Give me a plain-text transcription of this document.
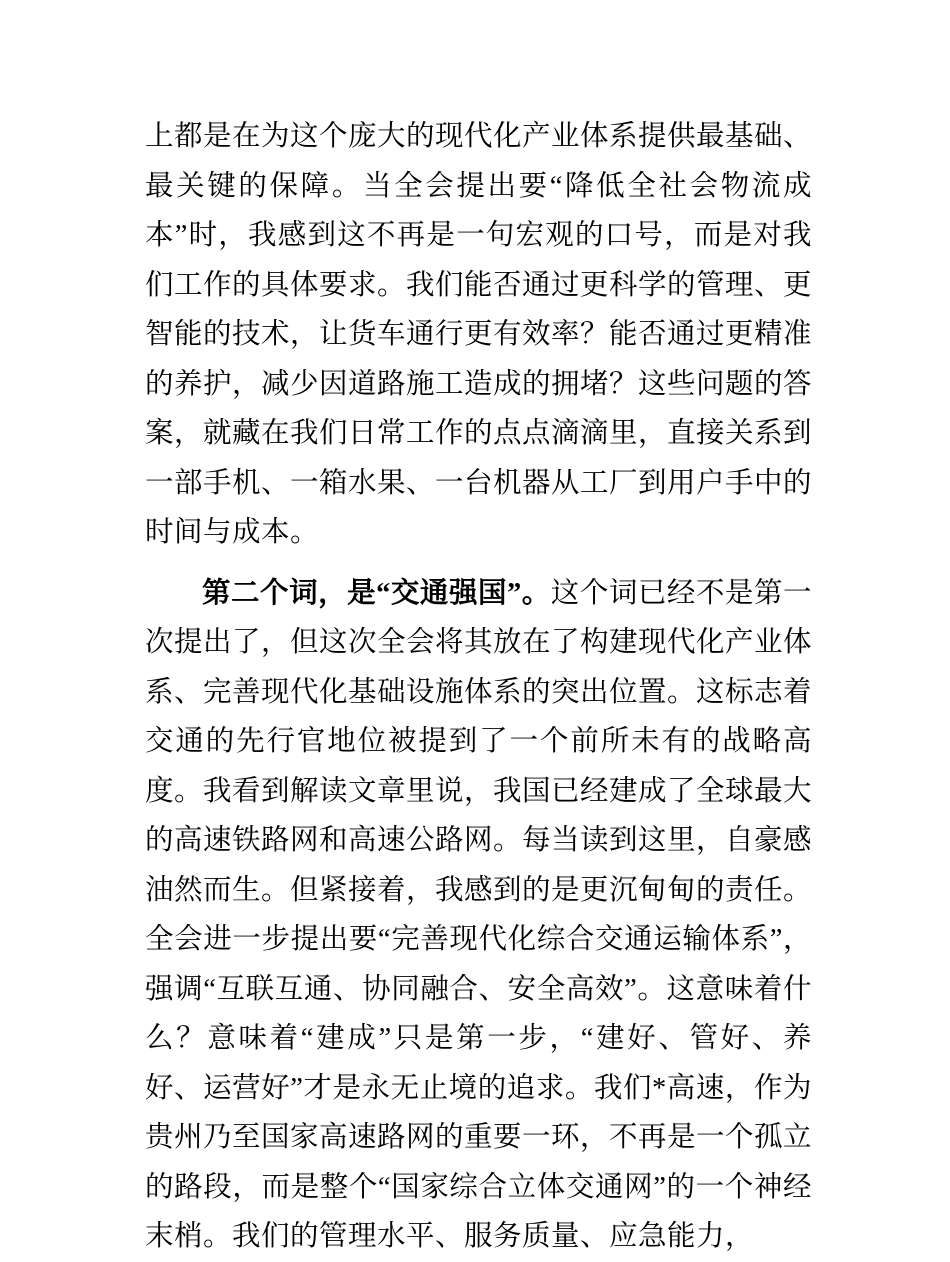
上都是在为这个庞大的现代化产业体系提供最基础、最关键的保障。当全会提出要“降低全社会物流成本”时，我感到这不再是一句宏观的口号，而是对我们工作的具体要求。我们能否通过更科学的管理、更智能的技术，让货车通行更有效率？能否通过更精准的养护，减少因道路施工造成的拥堵？这些问题的答案，就藏在我们日常工作的点点滴滴里，直接关系到一部手机、一箱水果、一台机器从工厂到用户手中的时间与成本。

第二个词，是“交通强国”。这个词已经不是第一次提出了，但这次全会将其放在了构建现代化产业体系、完善现代化基础设施体系的突出位置。这标志着交通的先行官地位被提到了一个前所未有的战略高度。我看到解读文章里说，我国已经建成了全球最大的高速铁路网和高速公路网。每当读到这里，自豪感油然而生。但紧接着，我感到的是更沉甸甸的责任。全会进一步提出要“完善现代化综合交通运输体系”，强调“互联互通、协同融合、安全高效”。这意味着什么？意味着“建成”只是第一步，“建好、管好、养好、运营好”才是永无止境的追求。我们*高速，作为贵州乃至国家高速路网的重要一环，不再是一个孤立的路段，而是整个“国家综合立体交通网”的一个神经末梢。我们的管理水平、服务质量、应急能力，
